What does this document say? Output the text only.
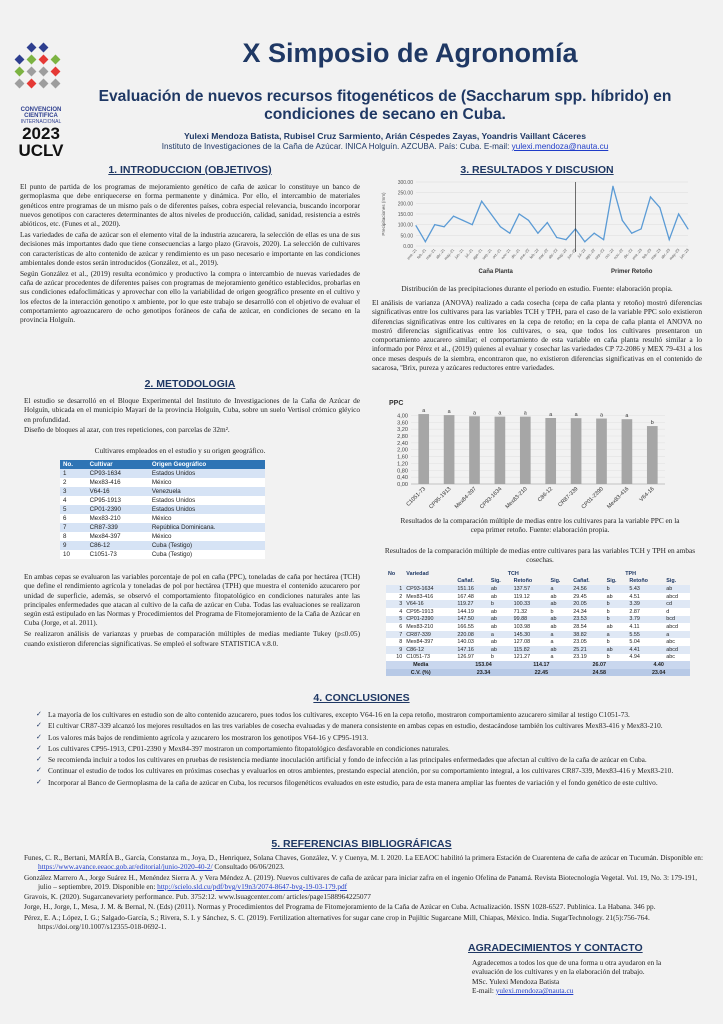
CONVENCION
CIENTIFICA
INTERNACIONAL
2023
UCLV
X Simposio de Agronomía
Evaluación de nuevos recursos fitogenéticos de (Saccharum spp. híbrido) en condiciones de secano en Cuba.
Yulexi Mendoza Batista, Rubisel Cruz Sarmiento, Arián Céspedes Zayas, Yoandris Vaillant Cáceres
Instituto de Investigaciones de la Caña de Azúcar. INICA Holguín. AZCUBA. País: Cuba. E-mail: yulexi.mendoza@nauta.cu
1. INTRODUCCION (OBJETIVOS)

El punto de partida de los programas de mejoramiento genético de caña de azúcar lo constituye un banco de germoplasma que debe enriquecerse en forma permanente y dinámica. Por ello, el intercambio de materiales genéticos entre programas de un mismo país o de diferentes países, cobra especial relevancia, buscando incorporar nuevos genotipos con caracteres determinantes de altos niveles de producción, calidad, sanidad, resistencia a estrés abióticos, etc. (Funes et al., 2020).

Las variedades de caña de azúcar son el elemento vital de la industria azucarera, la selección de ellas es una de sus decisiones más importantes dado que tiene consecuencias a largo plazo (Gravois, 2020). La selección de cultivares con características de alto contenido de azúcar y rendimiento es un paso necesario e importante en las condiciones ambientales donde estos serán introducidos (González, et al., 2019).

Según González et al., (2019) resulta económico y productivo la compra o intercambio de nuevas variedades de caña de azúcar procedentes de diferentes países con programas de mejoramiento genético establecidos, probarlas en sus condiciones edafoclimáticas y aprovechar con ello la variabilidad de origen geográfico presente en el cultivo y los efectos de la interacción genotipo x ambiente, por lo que este trabajo se desarrolló con el objetivo de evaluar el comportamiento agroazucarero de ocho genotipos foráneos de caña de azúcar, en condiciones de secano en la provincia Holguín.

2. METODOLOGIA

El estudio se desarrolló en el Bloque Experimental del Instituto de Investigaciones de la Caña de Azúcar de Holguín, ubicada en el municipio Mayarí de la provincia Holguín, Cuba, sobre un suelo Vertisol crómico gléyico en profundidad.

Diseño de bloques al azar, con tres repeticiones, con parcelas de 32m².

Cultivares empleados en el estudio y su origen geográfico.
No.	Cultivar	Origen Geográfico
1	CP93-1634	Estados Unidos
2	Mex83-416	México
3	V64-16	Venezuela
4	CP95-1913	Estados Unidos
5	CP01-2390	Estados Unidos
6	Mex83-210	México
7	CR87-339	República Dominicana.
8	Mex84-397	México
9	C86-12	Cuba (Testigo)
10	C1051-73	Cuba (Testigo)

En ambas cepas se evaluaron las variables porcentaje de pol en caña (PPC), toneladas de caña por hectárea (TCH) que define el rendimiento agrícola y toneladas de pol por hectárea (TPH) que muestra el contenido azucarero por unidad de superficie, además, se observó el comportamiento fitopatológico en condiciones naturales ante las principales enfermedades que atacan al cultivo de la caña de azúcar en Cuba. Todas las evaluaciones se realizaron según está estipulado en las Normas y Procedimientos del Programa de Fitomejoramiento de la Caña de Azúcar en Cuba (Jorge, et al. 2011).

Se realizaron análisis de varianzas y pruebas de comparación múltiples de medias mediante Tukey (p≤0.05) cuando existieron diferencias significativas. Se empleó el software STATISTICA v.8.0.

3. RESULTADOS Y DISCUSION
0.00
50.00
100.00
150.00
200.00
250.00
300.00
Precipitaciones (mm)
ene.-21
feb.-21
mar.-21
abr.-21
may.-21
jun.-21 jul.-21
ago.-21
sep.-21
oct.-21
nov.-21
dic.-21
ene.-22
feb.-22
mar.-22
abr.-22
may.-22
jun.-22 jul.-22
ago.-22
sep.-22
oct.-22
nov.-22
dic.-22
ene.-23
feb.-23
mar.-23
abr.-23
may.-23
jun.-23
Caña Planta	Primer Retoño
Distribución de las precipitaciones durante el periodo en estudio. Fuente: elaboración propia.
El análisis de varianza (ANOVA) realizado a cada cosecha (cepa de caña planta y retoño) mostró diferencias significativas entre los cultivares para las variables TCH y TPH, para el caso de la variable PPC solo existieron diferencias significativas entre los cultivares en la cepa de retoño; en la cepa de caña planta el ANOVA no mostró diferencias significativas entre los cultivares, o sea, que todos los cultivares presentaron un comportamiento azucarero similar; el comportamiento de esta variable en caña planta resultó similar a lo informado por Pérez et al., (2019) quienes al evaluar y cosechar las variedades CP 72-2086 y MEX 79-431 a los once meses después de la siembra, encontraron que, no existieron diferencias significativas en el contenido de sacarosa, ºBrix, pureza y azúcares reductores entre variedades.
PPC
0,00
0,40
0,80
1,20
1,60
2,00
2,40
2,80
3,20
3,60
4,00
a
C1051-73
a
CP95-1913
a
Mex84-397
a
CP93-1634
a
Mex83-210
a
C86-12
a
CR87-339
a
CP01-2390
a
Mex83-416
b
V64-16
Resultados de la comparación múltiple de medias entre los cultivares para la variable PPC en la cepa primer retoño. Fuente: elaboración propia.
Resultados de la comparación múltiple de medias entre cultivares para las variables TCH y TPH en ambas cosechas.
No	Variedad	TCH				TPH			
		Cañaf.	Sig.	Retoño	Sig.	Cañaf.	Sig.	Retoño	Sig.
1	CP93-1634	151.16	ab	137.57	a	24.56	b	5.43	ab
2	Mex83-416	167.48	ab	119.12	ab	29.45	ab	4.51	abcd
3	V64-16	119.27	b	100.33	ab	20.05	b	3.39	cd
4	CP95-1913	144.19	ab	71.32	b	24.34	b	2.87	d
5	CP01-2390	147.50	ab	99.88	ab	23.53	b	3.79	bcd
6	Mex83-210	166.55	ab	103.98	ab	28.54	ab	4.11	abcd
7	CR87-339	220.08	a	145.30	a	38.82	a	5.55	a
8	Mex84-397	140.03	ab	127.08	a	23.05	b	5.04	abc
9	C86-12	147.16	ab	115.82	ab	25.21	ab	4.41	abcd
10	C1051-73	126.97	b	121.27	a	23.19	b	4.94	abc
Media		153.04		114.17		26.07		4.40	
C.V. (%)		23.34		22.45		24.58		23.04	
4. CONCLUSIONES
✓ La mayoría de los cultivares en estudio son de alto contenido azucarero, pues todos los cultivares, excepto V64-16 en la cepa retoño, mostraron comportamiento azucarero similar al testigo C1051-73.
✓ El cultivar CR87-339 alcanzó los mejores resultados en las tres variables de cosecha evaluadas y de manera consistente en ambas cepas en estudio, destacándose también los cultivares Mex83-416 y Mex83-210.
✓ Los valores más bajos de rendimiento agrícola y azucarero los mostraron los genotipos V64-16 y CP95-1913.
✓ Los cultivares CP95-1913, CP01-2390 y Mex84-397 mostraron un comportamiento fitopatológico desfavorable en condiciones naturales.
✓ Se recomienda incluir a todos los cultivares en pruebas de resistencia mediante inoculación artificial y fondo de infección a las principales enfermedades que afectan al cultivo de la caña de azúcar en Cuba.
✓ Continuar el estudio de todos los cultivares en próximas cosechas y evaluarlos en otros ambientes, prestando especial atención, por su comportamiento integral, a los cultivares CR87-339, Mex83-416 y Mex83-210.
✓ Incorporar al Banco de Germoplasma de la caña de azúcar en Cuba, los recursos filogenéticos evaluados en este estudio, para de esta manera ampliar las fuentes de variación y el fondo genético de este cultivo.
5. REFERENCIAS BIBLIOGRÁFICAS

Funes, C. R., Bertani, MARÍA B., García, Constanza m., Joya, D., Henriquez, Solana Chaves, González, V. y Cuenya, M. I. 2020. La EEAOC habilitó la primera Estación de Cuarentena de caña de azúcar en Tucumán. Disponible en: https://www.avance.eeaoc.gob.ar/editorial/junio-2020-40-2/ Consultado 06/06/2023.

González Marrero A., Jorge Suárez H., Menéndez Sierra A. y Vera Méndez A. (2019). Nuevos cultivares de caña de azúcar para iniciar zafra en el ingenio Ofelina de Panamá. Revista Biotecnología Vegetal. Vol. 19, No. 3: 179-191, julio – septiembre, 2019. Disponible en: http://scielo.sld.cu/pdf/bvg/v19n3/2074-8647-bvg-19-03-179.pdf

Gravois, K. (2020). Sugarcanevariety performance. Pub. 3752:12. www.lsuagcenter.com/ articles/page1588964225077

Jorge, H., Jorge, I., Mesa, J. M. & Bernal, N. (Eds) (2011). Normas y Procedimientos del Programa de Fitomejoramiento de la Caña de Azúcar en Cuba. Actualización. ISSN 1028-6527. Publinica. La Habana. 346 pp.

Pérez, E. A.; López, I. G.; Salgado-García, S.; Rivera, S. I. y Sánchez, S. C. (2019). Fertilization alternatives for sugar cane crop in Pujiltic Sugarcane Mill, Chiapas, México. India. SugarTechnology. 21(5):756-764. https://doi.org/10.1007/s12355-018-0692-1.

AGRADECIMIENTOS Y CONTACTO
Agradecemos a todos los que de una forma u otra ayudaron en la evaluación de los cultivares y en la elaboración del trabajo.
MSc. Yulexi Mendoza Batista
E-mail: yulexi.mendoza@nauta.cu
